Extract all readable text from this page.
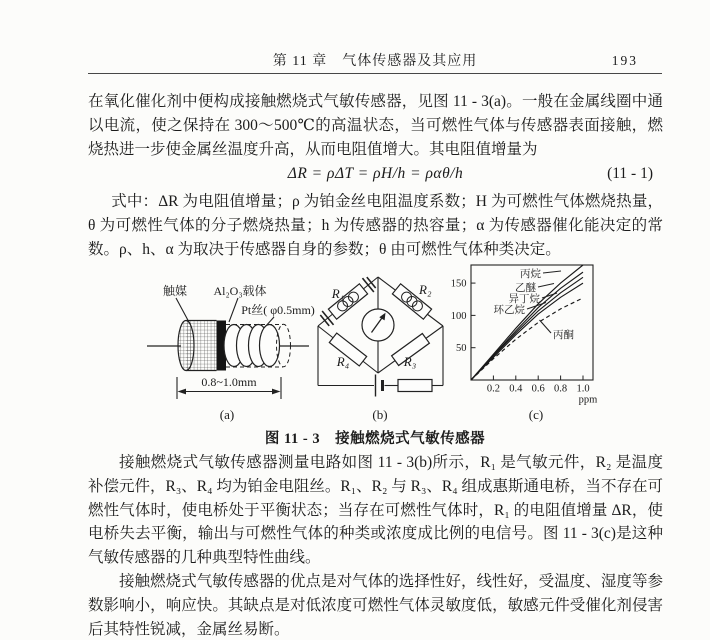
第 11 章　气体传感器及其应用	193
在氧化催化剂中便构成接触燃烧式气敏传感器，见图 11 - 3(a)。一般在金属线圈中通以电流，使之保持在 300～500℃的高温状态，当可燃性气体与传感器表面接触，燃烧热进一步使金属丝温度升高，从而电阻值增大。其电阻值增量为
ΔR = ρΔT = ρH/h = ραθ/h	(11 - 1)
式中：ΔR 为电阻值增量；ρ 为铂金丝电阻温度系数；H 为可燃性气体燃烧热量，θ 为可燃性气体的分子燃烧热量；h 为传感器的热容量；α 为传感器催化能决定的常数。ρ、h、α 为取决于传感器自身的参数；θ 由可燃性气体种类决定。
触媒 Al₂O₃载体
Pt丝( φ0.5mm)
0.8~1.0mm
(a)
R₁	R₂
R₄	R₃
(b)
50
100
150
0.2 0.4 0.6 0.8 1.0
丙烷
乙醚
异丁烷
环乙烷
丙酮
ppm
(c)
图 11 - 3　接触燃烧式气敏传感器

接触燃烧式气敏传感器测量电路如图 11 - 3(b)所示，R₁ 是气敏元件，R₂ 是温度补偿元件，R₃、R₄ 均为铂金电阻丝。R₁、R₂ 与 R₃、R₄ 组成惠斯通电桥，当不存在可燃性气体时，使电桥处于平衡状态；当存在可燃性气体时，R₁ 的电阻值增量 ΔR，使电桥失去平衡，输出与可燃性气体的种类或浓度成比例的电信号。图 11 - 3(c)是这种气敏传感器的几种典型特性曲线。

接触燃烧式气敏传感器的优点是对气体的选择性好，线性好，受温度、湿度等参数影响小，响应快。其缺点是对低浓度可燃性气体灵敏度低，敏感元件受催化剂侵害后其特性锐减，金属丝易断。
